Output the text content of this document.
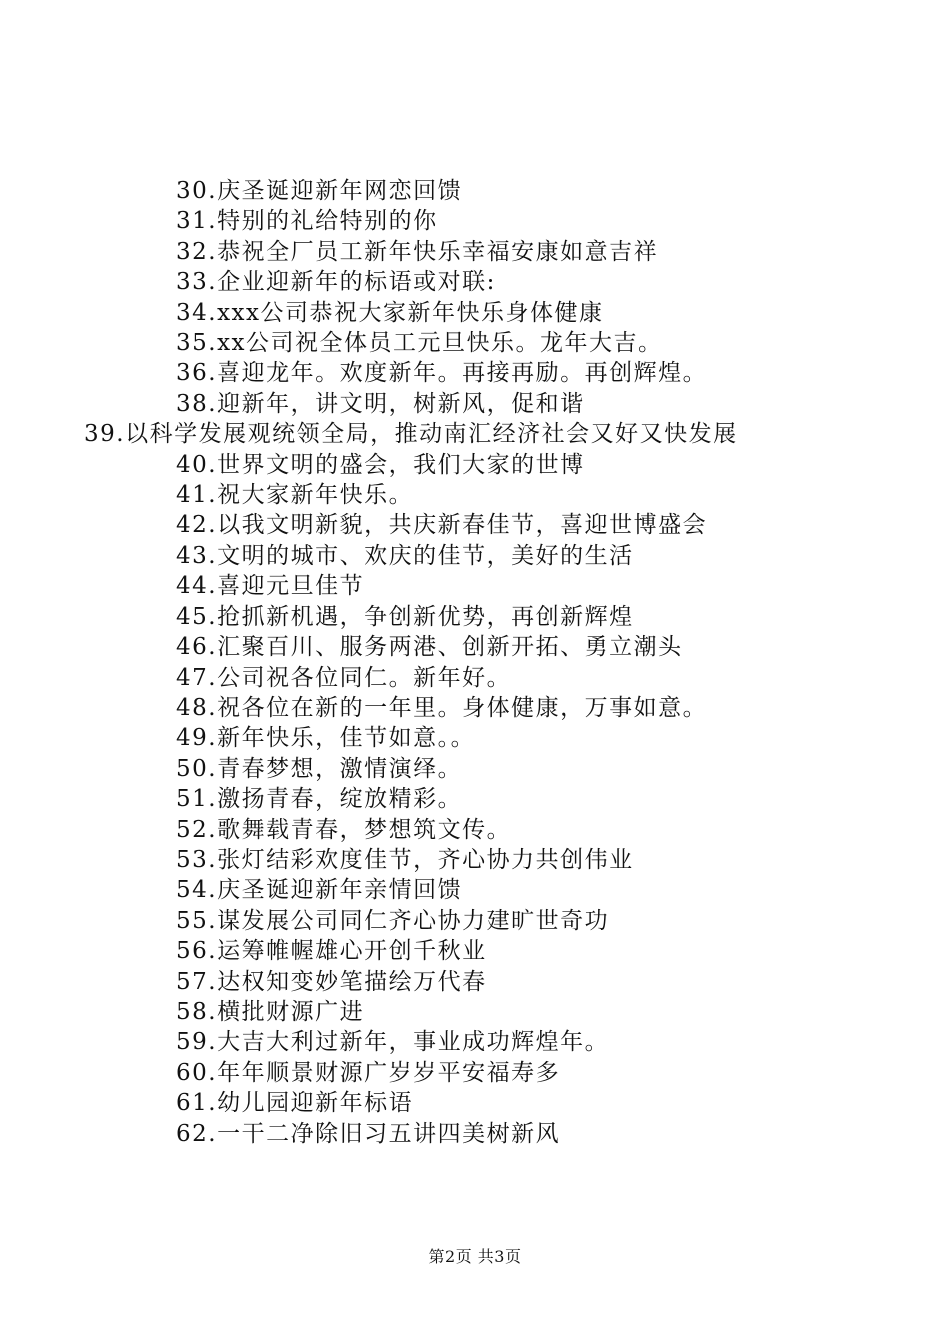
30.庆圣诞迎新年网恋回馈
31.特别的礼给特别的你
32.恭祝全厂员工新年快乐幸福安康如意吉祥
33.企业迎新年的标语或对联:
34.xxx公司恭祝大家新年快乐身体健康
35.xx公司祝全体员工元旦快乐。龙年大吉。
36.喜迎龙年。欢度新年。再接再励。再创辉煌。
38.迎新年，讲文明，树新风，促和谐
39.以科学发展观统领全局，推动南汇经济社会又好又快发展
40.世界文明的盛会，我们大家的世博
41.祝大家新年快乐。
42.以我文明新貌，共庆新春佳节，喜迎世博盛会
43.文明的城市、欢庆的佳节，美好的生活
44.喜迎元旦佳节
45.抢抓新机遇，争创新优势，再创新辉煌
46.汇聚百川、服务两港、创新开拓、勇立潮头
47.公司祝各位同仁。新年好。
48.祝各位在新的一年里。身体健康，万事如意。
49.新年快乐，佳节如意。。
50.青春梦想，激情演绎。
51.激扬青春，绽放精彩。
52.歌舞载青春，梦想筑文传。
53.张灯结彩欢度佳节，齐心协力共创伟业
54.庆圣诞迎新年亲情回馈
55.谋发展公司同仁齐心协力建旷世奇功
56.运筹帷幄雄心开创千秋业
57.达权知变妙笔描绘万代春
58.横批财源广进
59.大吉大利过新年，事业成功辉煌年。
60.年年顺景财源广岁岁平安福寿多
61.幼儿园迎新年标语
62.一干二净除旧习五讲四美树新风
第2页 共3页
